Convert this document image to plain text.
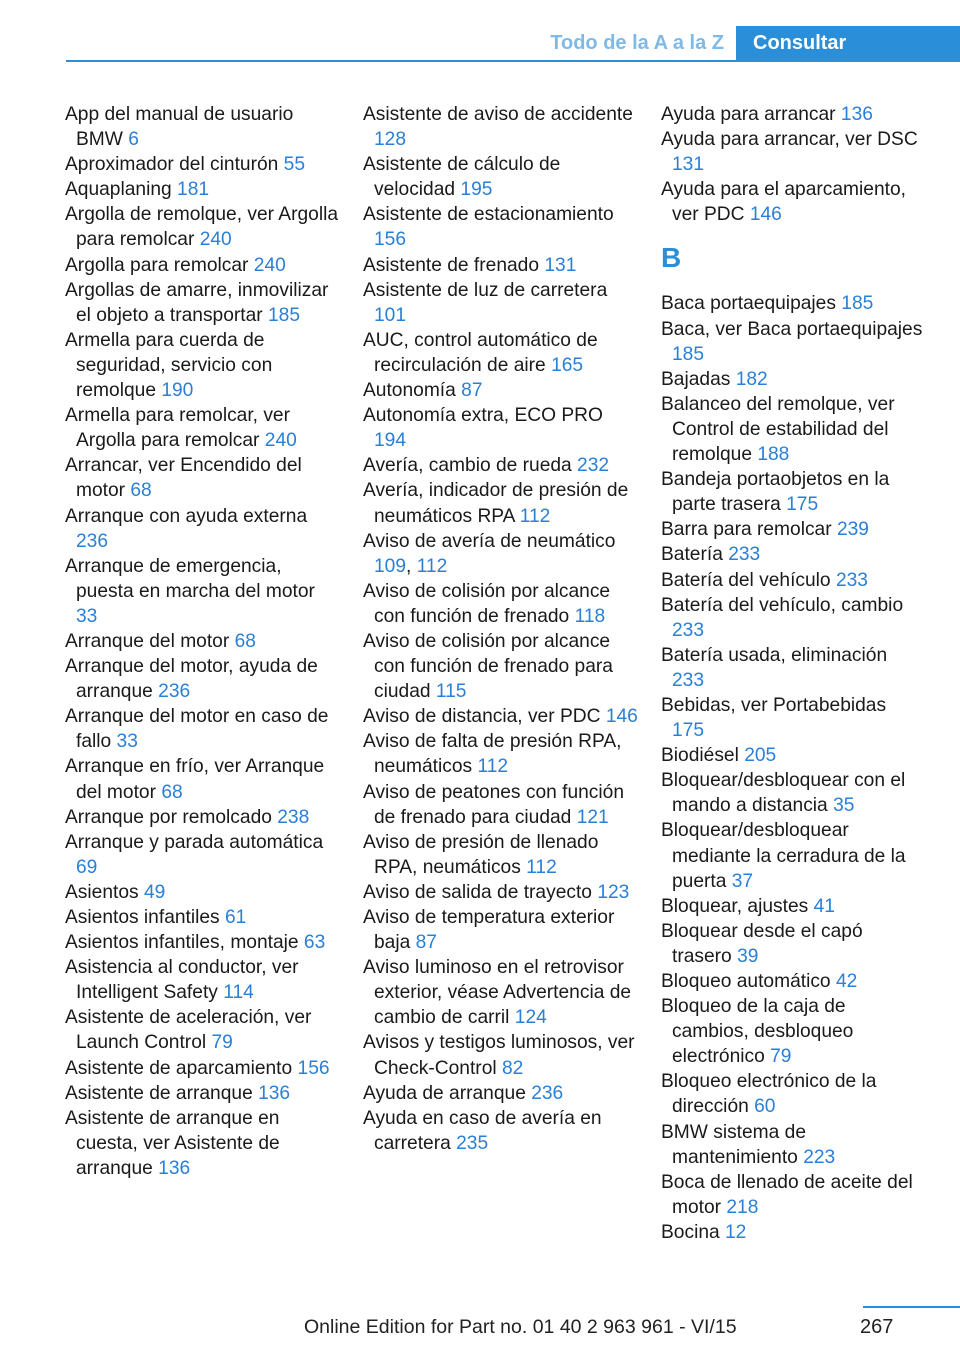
Todo de la A a la Z	Consultar

App del manual de usuario BMW 6

Aproximador del cinturón 55

Aquaplaning 181

Argolla de remolque, ver Argolla para remolcar 240

Argolla para remolcar 240

Argollas de amarre, inmovilizar el objeto a transportar 185

Armella para cuerda de seguridad, servicio con remolque 190

Armella para remolcar, ver Argolla para remolcar 240

Arrancar, ver Encendido del motor 68

Arranque con ayuda externa 236

Arranque de emergencia, puesta en marcha del motor 33

Arranque del motor 68

Arranque del motor, ayuda de arranque 236

Arranque del motor en caso de fallo 33

Arranque en frío, ver Arranque del motor 68

Arranque por remolcado 238

Arranque y parada automática 69

Asientos 49

Asientos infantiles 61

Asientos infantiles, montaje 63

Asistencia al conductor, ver Intelligent Safety 114

Asistente de aceleración, ver Launch Control 79

Asistente de aparcamiento 156

Asistente de arranque 136

Asistente de arranque en cuesta, ver Asistente de arranque 136

Asistente de aviso de accidente 128

Asistente de cálculo de velocidad 195

Asistente de estacionamiento 156

Asistente de frenado 131

Asistente de luz de carretera 101

AUC, control automático de recirculación de aire 165

Autonomía 87

Autonomía extra, ECO PRO 194

Avería, cambio de rueda 232

Avería, indicador de presión de neumáticos RPA 112

Aviso de avería de neumático 109, 112

Aviso de colisión por alcance con función de frenado 118

Aviso de colisión por alcance con función de frenado para ciudad 115

Aviso de distancia, ver PDC 146

Aviso de falta de presión RPA, neumáticos 112

Aviso de peatones con función de frenado para ciudad 121

Aviso de presión de llenado RPA, neumáticos 112

Aviso de salida de trayecto 123

Aviso de temperatura exterior baja 87

Aviso luminoso en el retrovisor exterior, véase Advertencia de cambio de carril 124

Avisos y testigos luminosos, ver Check-Control 82

Ayuda de arranque 236

Ayuda en caso de avería en carretera 235

Ayuda para arrancar 136

Ayuda para arrancar, ver DSC 131

Ayuda para el aparcamiento, ver PDC 146

B

Baca portaequipajes 185

Baca, ver Baca portaequipajes 185

Bajadas 182

Balanceo del remolque, ver Control de estabilidad del remolque 188

Bandeja portaobjetos en la parte trasera 175

Barra para remolcar 239

Batería 233

Batería del vehículo 233

Batería del vehículo, cambio 233

Batería usada, eliminación 233

Bebidas, ver Portabebidas 175

Biodiésel 205

Bloquear/desbloquear con el mando a distancia 35

Bloquear/desbloquear mediante la cerradura de la puerta 37

Bloquear, ajustes 41

Bloquear desde el capó trasero 39

Bloqueo automático 42

Bloqueo de la caja de cambios, desbloqueo electrónico 79

Bloqueo electrónico de la dirección 60

BMW sistema de mantenimiento 223

Boca de llenado de aceite del motor 218

Bocina 12

267
Online Edition for Part no. 01 40 2 963 961 - VI/15
